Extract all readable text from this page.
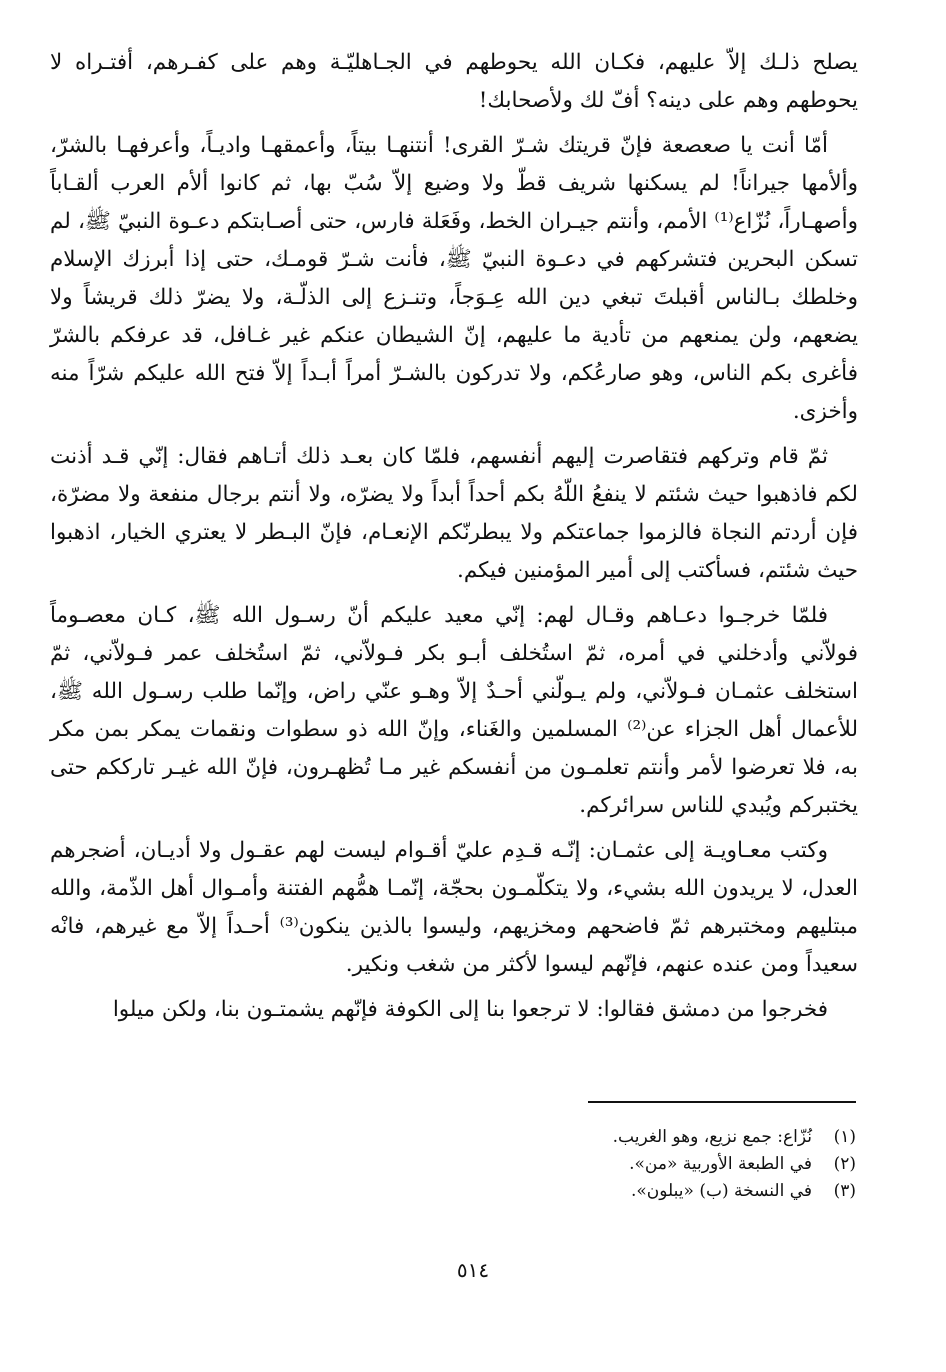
يصلح ذلـك إلاّ عليهم، فكـان الله يحوطهم في الجـاهليّـة وهم على كفـرهم، أفتـراه لا يحوطهم وهم على دينه؟ أفّ لك ولأصحابك!

أمّا أنت يا صعصعة فإنّ قريتك شـرّ القرى! أنتنهـا بيتاً، وأعمقهـا واديـاً، وأعرفهـا بالشرّ، وألأمها جيراناً! لم يسكنها شريف قطّ ولا وضيع إلاّ سُبّ بها، ثم كانوا ألأم العرب ألقـاباً وأصهـاراً، نُزّاع⁽¹⁾ الأمم، وأنتم جيـران الخط، وفَعَلة فارس، حتى أصـابتكم دعـوة النبيّ ﷺ، لم تسكن البحرين فتشركهم في دعـوة النبيّ ﷺ، فأنت شـرّ قومـك، حتى إذا أبرزك الإسلام وخلطك بـالناس أقبلتَ تبغي دين الله عِـوَجاً، وتنـزع إلى الذلّـة، ولا يضرّ ذلك قريشاً ولا يضعهم، ولن يمنعهم من تأدية ما عليهم، إنّ الشيطان عنكم غير غـافل، قد عرفكم بالشرّ فأغرى بكم الناس، وهو صارعُكم، ولا تدركون بالشـرّ أمراً أبـداً إلاّ فتح الله عليكم شرّاً منه وأخزى.

ثمّ قام وتركهم فتقاصرت إليهم أنفسهم، فلمّا كان بعـد ذلك أتـاهم فقال: إنّي قـد أذنت لكم فاذهبوا حيث شئتم لا ينفعُ اللّهُ بكم أحداً أبداً ولا يضرّه، ولا أنتم برجال منفعة ولا مضرّة، فإن أردتم النجاة فالزموا جماعتكم ولا يبطرنّكم الإنعـام، فإنّ البـطر لا يعتري الخيار، اذهبوا حيث شئتم، فسأكتب إلى أمير المؤمنين فيكم.

فلمّا خرجـوا دعـاهم وقـال لهم: إنّي معيد عليكم أنّ رسـول الله ﷺ، كـان معصـوماً فولاّني وأدخلني في أمره، ثمّ استُخلف أبـو بكر فـولاّني، ثمّ استُخلف عمر فـولاّني، ثمّ استخلف عثمـان فـولاّني، ولم يـولّني أحـدٌ إلاّ وهـو عنّي راض، وإنّما طلب رسـول الله ﷺ، للأعمال أهل الجزاء عن⁽²⁾ المسلمين والغَناء، وإنّ الله ذو سطوات ونقمات يمكر بمن مكر به، فلا تعرضوا لأمر وأنتم تعلمـون من أنفسكم غير مـا تُظهـرون، فإنّ الله غيـر تارككم حتى يختبركم ويُبدي للناس سرائركم.

وكتب معـاويـة إلى عثمـان: إنّـه قـدِم عليّ أقـوام ليست لهم عقـول ولا أديـان، أضجرهم العدل، لا يريدون الله بشيء، ولا يتكلّمـون بحجّة، إنّمـا همُّهم الفتنة وأمـوال أهل الذّمة، والله مبتليهم ومختبرهم ثمّ فاضحهم ومخزيهم، وليسوا بالذين ينكون⁽³⁾ أحـداً إلاّ مع غيرهم، فانْه سعيداً ومن عنده عنهم، فإنّهم ليسوا لأكثر من شغب ونكير.

فخرجوا من دمشق فقالوا: لا ترجعوا بنا إلى الكوفة فإنّهم يشمتـون بنا، ولكن ميلوا

(١)
نُزّاع: جمع نزيع، وهو الغريب.
(٢)
في الطبعة الأوربية «من».
(٣)
في النسخة (ب) «يبلون».
٥١٤
